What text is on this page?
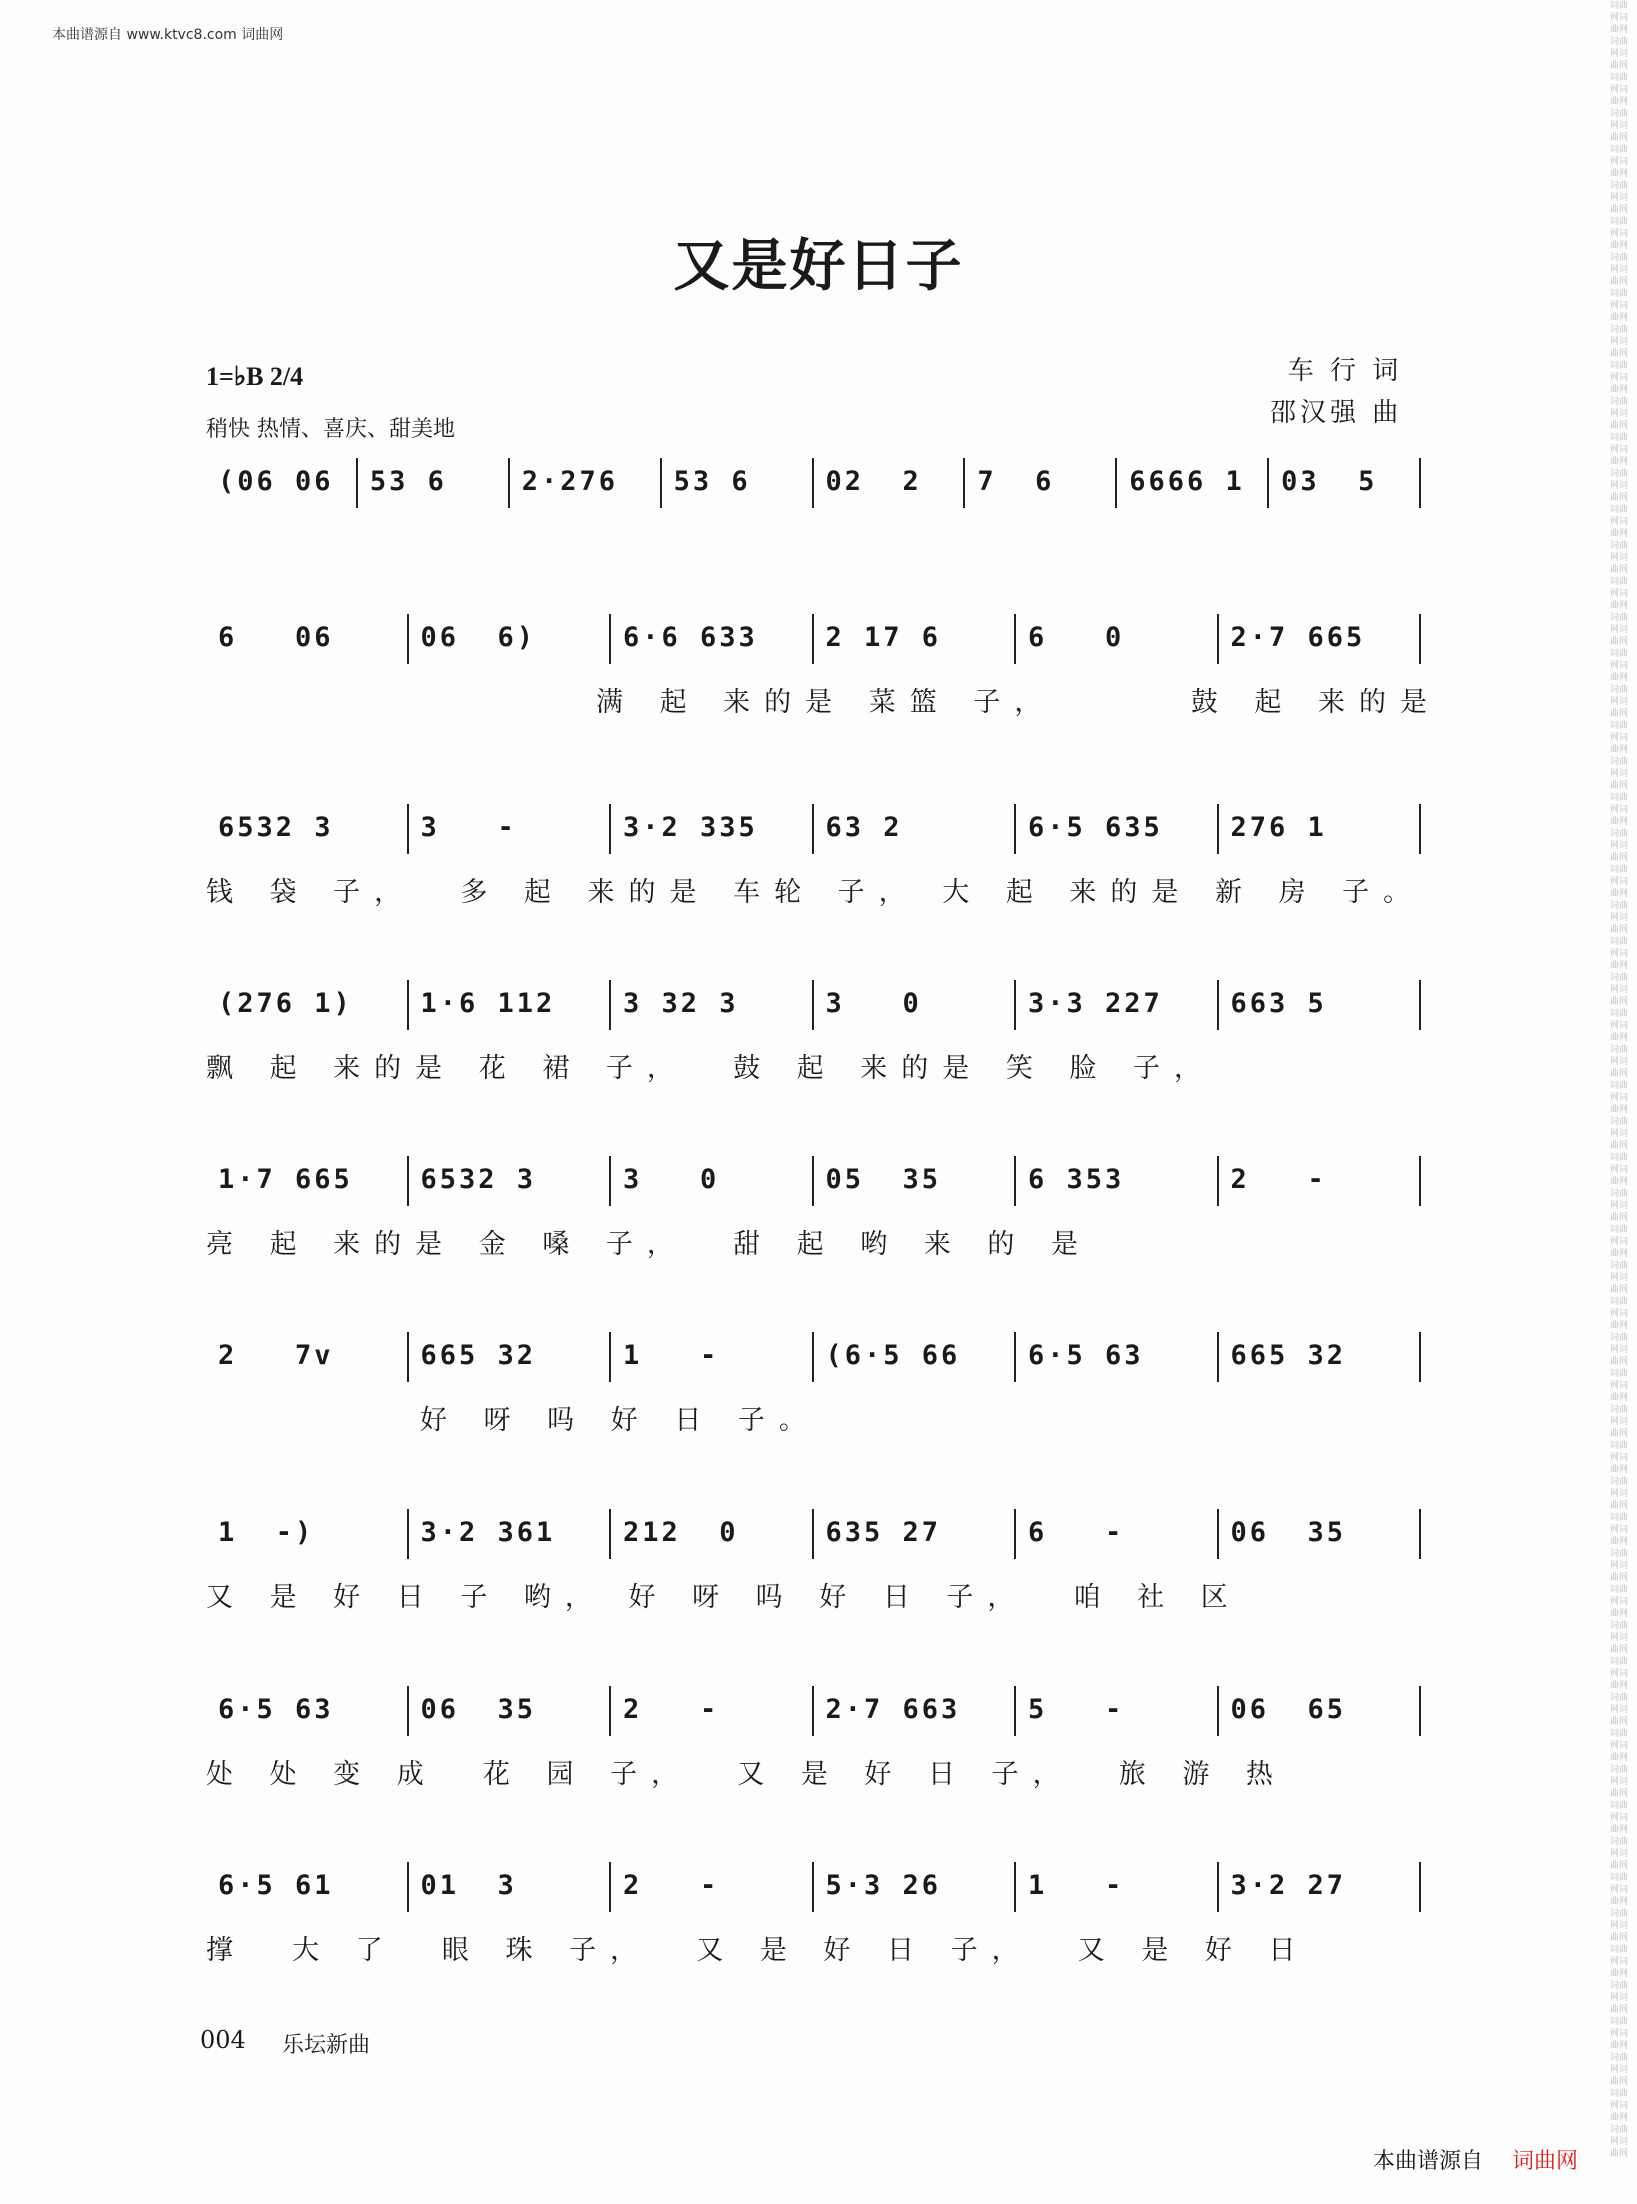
本曲谱源自 www.ktvc8.com 词曲网
词曲网词曲网词曲网词曲网词曲网词曲网词曲网词曲网词曲网词曲网词曲网词曲网词曲网词曲网词曲网词曲网词曲网词曲网词曲网词曲网词曲网词曲网词曲网词曲网词曲网词曲网词曲网词曲网词曲网词曲网词曲网词曲网词曲网词曲网词曲网词曲网词曲网词曲网词曲网词曲网词曲网词曲网词曲网词曲网词曲网词曲网词曲网词曲网词曲网词曲网词曲网词曲网词曲网词曲网词曲网词曲网词曲网词曲网词曲网词曲网词曲网词曲网词曲网词曲网词曲网词曲网词曲网词曲网词曲网词曲网词曲网词曲网词曲网词曲网词曲网词曲网词曲网词曲网词曲网词曲网词曲网词曲网词曲网词曲网词曲网词曲网词曲网词曲网词曲网词曲网词曲网词曲网词曲网词曲网词曲网词曲网词曲网词曲网词曲网词曲网词曲网词曲网词曲网词曲网词曲网词曲网词曲网词曲网词曲网词曲网词曲网词曲网词曲网词曲网词曲网词曲网词曲网词曲网词曲网词曲网
又是好日子
1=♭B 2/4
稍快 热情、喜庆、甜美地
车 行 词
邵汉强 曲
(06 06 53 6	2·276 53 6	02  2 7  6	6666 1 03  5
6   06	06  6)	6·6 633	2 17 6	6   0	2·7 665
满 起 来的是 菜篮 子，      鼓 起 来的是
6532 3	3   -	3·2 335	63 2	6·5 635	276 1
钱 袋 子，  多 起 来的是 车轮 子， 大 起 来的是 新 房 子。
(276 1)	1·6 112	3 32 3	3   0	3·3 227	663 5
飘 起 来的是 花 裙 子，  鼓 起 来的是 笑 脸 子，
1·7 665	6532 3	3   0	05  35	6 353	2   -
亮 起 来的是 金 嗓 子，  甜 起 哟 来 的 是
2   7v	665 32	1   -	(6·5 66	6·5 63	665 32
好 呀 吗 好 日 子。
1  -)	3·2 361	212  0	635 27	6   -	06  35
又 是 好 日 子 哟， 好 呀 吗 好 日 子，  咱 社 区
6·5 63	06  35	2   -	2·7 663	5   -	06  65
处 处 变 成  花 园 子，  又 是 好 日 子，  旅 游 热
6·5 61	01  3	2   -	5·3 26	1   -	3·2 27
撑  大 了  眼 珠 子，  又 是 好 日 子，  又 是 好 日
004 乐坛新曲
本曲谱源自 词曲网
